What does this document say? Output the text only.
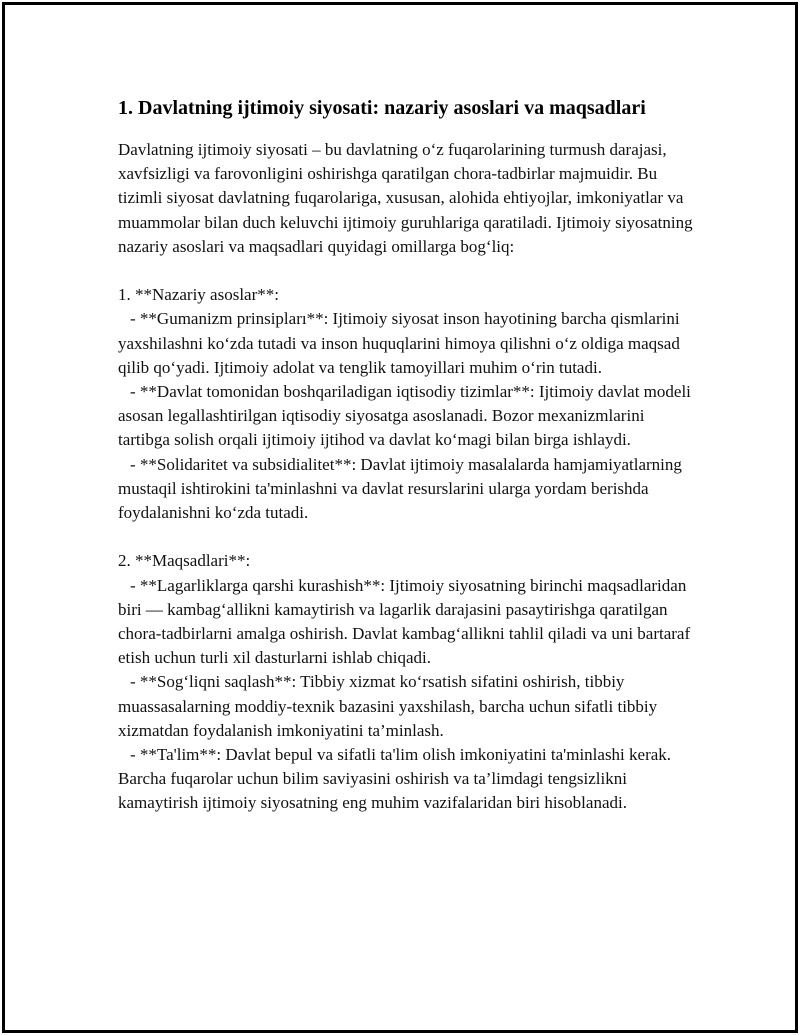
1. Davlatning ijtimoiy siyosati: nazariy asoslari va maqsadlari

Davlatning ijtimoiy siyosati – bu davlatning o‘z fuqarolarining turmush darajasi, xavfsizligi va farovonligini oshirishga qaratilgan chora-tadbirlar majmuidir. Bu tizimli siyosat davlatning fuqarolariga, xususan, alohida ehtiyojlar, imkoniyatlar va muammolar bilan duch keluvchi ijtimoiy guruhlariga qaratiladi. Ijtimoiy siyosatning nazariy asoslari va maqsadlari quyidagi omillarga bog‘liq:

1. **Nazariy asoslar**:

- **Gumanizm prinsipları**: Ijtimoiy siyosat inson hayotining barcha qismlarini yaxshilashni ko‘zda tutadi va inson huquqlarini himoya qilishni o‘z oldiga maqsad qilib qo‘yadi. Ijtimoiy adolat va tenglik tamoyillari muhim o‘rin tutadi.

- **Davlat tomonidan boshqariladigan iqtisodiy tizimlar**: Ijtimoiy davlat modeli asosan legallashtirilgan iqtisodiy siyosatga asoslanadi. Bozor mexanizmlarini tartibga solish orqali ijtimoiy ijtihod va davlat ko‘magi bilan birga ishlaydi.

- **Solidaritet va subsidialitet**: Davlat ijtimoiy masalalarda hamjamiyatlarning mustaqil ishtirokini ta'minlashni va davlat resurslarini ularga yordam berishda foydalanishni ko‘zda tutadi.

2. **Maqsadlari**:

- **Lagarliklarga qarshi kurashish**: Ijtimoiy siyosatning birinchi maqsadlaridan biri — kambag‘allikni kamaytirish va lagarlik darajasini pasaytirishga qaratilgan chora-tadbirlarni amalga oshirish. Davlat kambag‘allikni tahlil qiladi va uni bartaraf etish uchun turli xil dasturlarni ishlab chiqadi.

- **Sog‘liqni saqlash**: Tibbiy xizmat ko‘rsatish sifatini oshirish, tibbiy muassasalarning moddiy-texnik bazasini yaxshilash, barcha uchun sifatli tibbiy xizmatdan foydalanish imkoniyatini ta’minlash.

- **Ta'lim**: Davlat bepul va sifatli ta'lim olish imkoniyatini ta'minlashi kerak. Barcha fuqarolar uchun bilim saviyasini oshirish va ta’limdagi tengsizlikni kamaytirish ijtimoiy siyosatning eng muhim vazifalaridan biri hisoblanadi.
